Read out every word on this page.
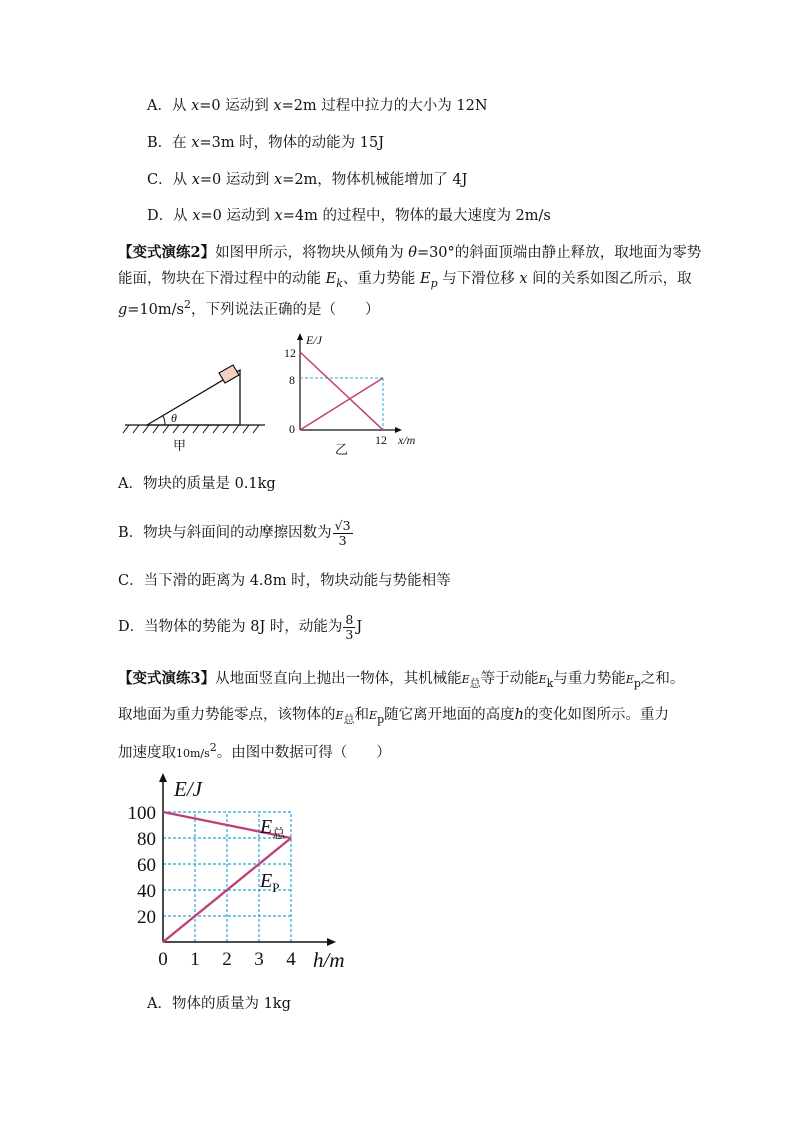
A．从 x=0 运动到 x=2m 过程中拉力的大小为 12N
B．在 x=3m 时，物体的动能为 15J
C．从 x=0 运动到 x=2m，物体机械能增加了 4J
D．从 x=0 运动到 x=4m 的过程中，物体的最大速度为 2m/s
【变式演练2】如图甲所示，将物块从倾角为 θ=30°的斜面顶端由静止释放，取地面为零势
能面，物块在下滑过程中的动能 $E_k$、重力势能 $E_p$ 与下滑位移 x 间的关系如图乙所示，取
$g=10m/s^2$，下列说法正确的是（　　）
θ
甲
E/J
12
8
0
12 x/m
乙
A．物块的质量是 0.1kg
B．物块与斜面间的动摩擦因数为 $\frac{√3}{3}$
C．当下滑的距离为 4.8m 时，物块动能与势能相等
D．当物体的势能为 8J 时，动能为 $\frac{8}{3}$ J
【变式演练3】从地面竖直向上抛出一物体，其机械能$E_总$等于动能$E_k$与重力势能$E_p$之和。
取地面为重力势能零点，该物体的$E_总$和$E_p$随它离开地面的高度h的变化如图所示。重力
加速度取$10m/s^2$。由图中数据可得（　　）
E/J
100
80
60
40
20
0 1 2 3 4 h/m
$E_总$
$E_P$
A．物体的质量为 1kg
